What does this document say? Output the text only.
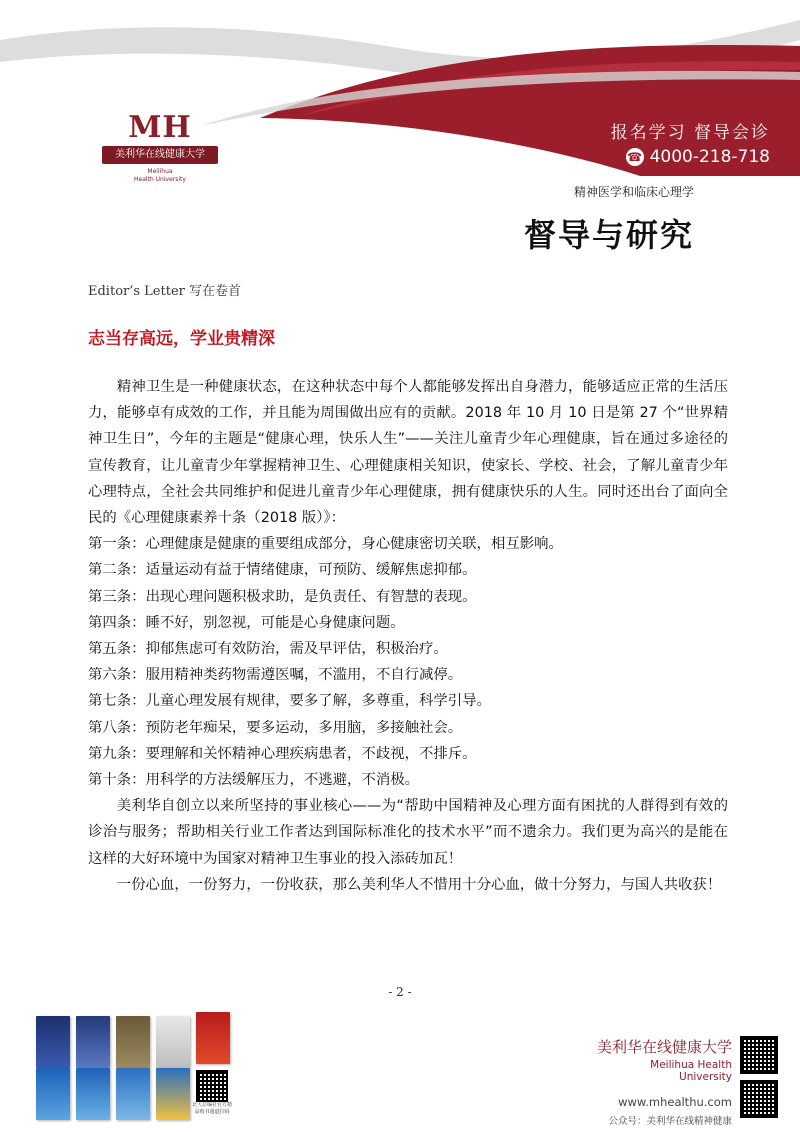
MH
美利华在线健康大学
Meilihua
Health University
报名学习 督导会诊
☎ 4000-218-718
精神医学和临床心理学
督导与研究
Editor’s Letter 写在卷首
志当存高远，学业贵精深

精神卫生是一种健康状态，在这种状态中每个人都能够发挥出自身潜力，能够适应正常的生活压力，能够卓有成效的工作，并且能为周围做出应有的贡献。2018 年 10 月 10 日是第 27 个“世界精神卫生日”，今年的主题是“健康心理，快乐人生”——关注儿童青少年心理健康，旨在通过多途径的宣传教育，让儿童青少年掌握精神卫生、心理健康相关知识，使家长、学校、社会，了解儿童青少年心理特点，全社会共同维护和促进儿童青少年心理健康，拥有健康快乐的人生。同时还出台了面向全民的《心理健康素养十条（2018 版）》：

第一条：心理健康是健康的重要组成部分，身心健康密切关联，相互影响。

第二条：适量运动有益于情绪健康，可预防、缓解焦虑抑郁。

第三条：出现心理问题积极求助，是负责任、有智慧的表现。

第四条：睡不好，别忽视，可能是心身健康问题。

第五条：抑郁焦虑可有效防治，需及早评估，积极治疗。

第六条：服用精神类药物需遵医嘱，不滥用，不自行减停。

第七条：儿童心理发展有规律，要多了解，多尊重，科学引导。

第八条：预防老年痴呆，要多运动，多用脑，多接触社会。

第九条：要理解和关怀精神心理疾病患者，不歧视，不排斥。

第十条：用科学的方法缓解压力，不逃避，不消极。

美利华自创立以来所坚持的事业核心——为“帮助中国精神及心理方面有困扰的人群得到有效的诊治与服务；帮助相关行业工作者达到国际标准化的技术水平”而不遗余力。我们更为高兴的是能在这样的大好环境中为国家对精神卫生事业的投入添砖加瓦！

一份心血，一份努力，一份收获，那么美利华人不惜用十分心血，做十分努力，与国人共收获！

- 2 -
北大总编社官方精品购书通道扫码
美利华在线健康大学
Meilihua Health University
www.mhealthu.com
公众号：美利华在线精神健康
